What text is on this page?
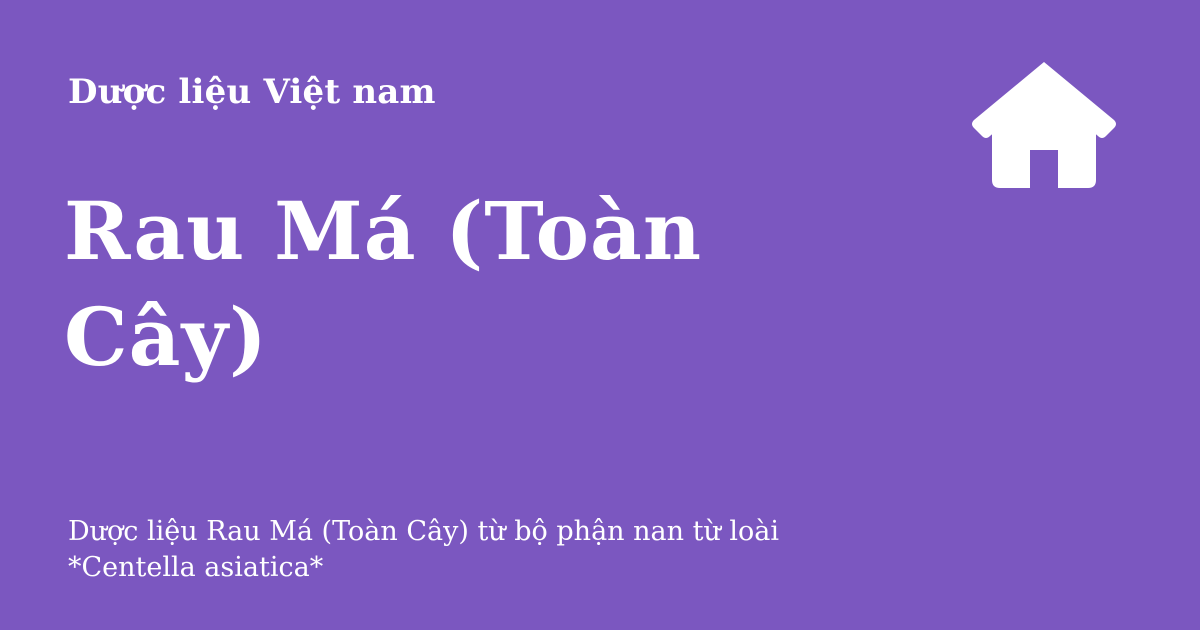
Dược liệu Việt nam
Rau Má (Toàn Cây)
Dược liệu Rau Má (Toàn Cây) từ bộ phận nan từ loài
*Centella asiatica*
